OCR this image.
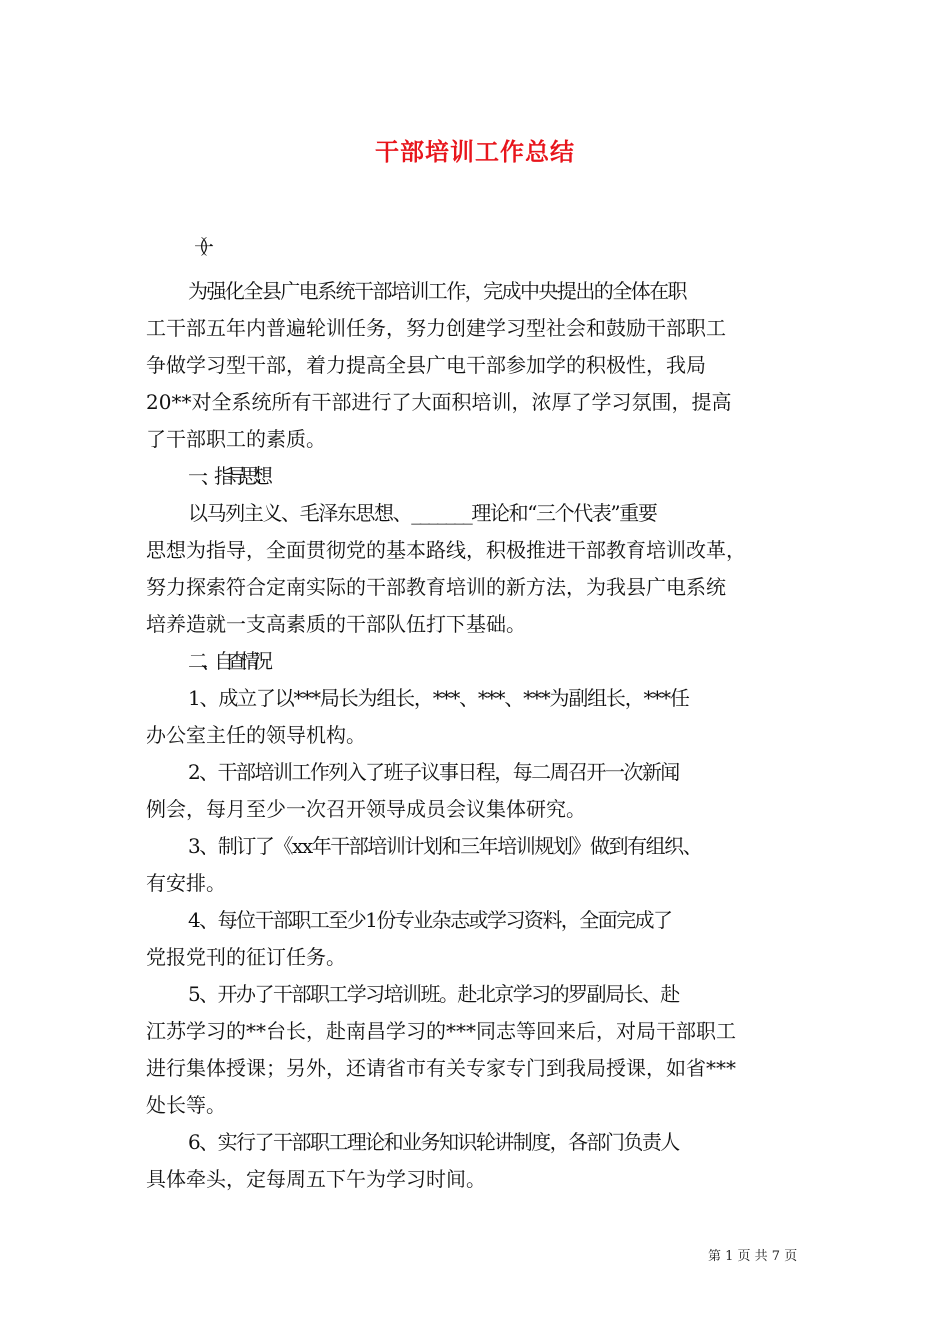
干部培训工作总结
（一）
为强化全县广电系统干部培训工作，完成中央提出的全体在职
工干部五年内普遍轮训任务，努力创建学习型社会和鼓励干部职工
争做学习型干部，着力提高全县广电干部参加学的积极性，我局
20**对全系统所有干部进行了大面积培训，浓厚了学习氛围，提高
了干部职工的素质。
一、指导思想
以马列主义、毛泽东思想、_______理论和“三个代表”重要
思想为指导，全面贯彻党的基本路线，积极推进干部教育培训改革，
努力探索符合定南实际的干部教育培训的新方法，为我县广电系统
培养造就一支高素质的干部队伍打下基础。
二、自查情况
1、成立了以***局长为组长，***、***、***为副组长，***任
办公室主任的领导机构。
2、干部培训工作列入了班子议事日程，每二周召开一次新闻
例会，每月至少一次召开领导成员会议集体研究。
3、制订了《xx年干部培训计划和三年培训规划》做到有组织、
有安排。
4、每位干部职工至少1份专业杂志或学习资料，全面完成了
党报党刊的征订任务。
5、开办了干部职工学习培训班。赴北京学习的罗副局长、赴
江苏学习的**台长，赴南昌学习的***同志等回来后，对局干部职工
进行集体授课；另外，还请省市有关专家专门到我局授课，如省***
处长等。
6、实行了干部职工理论和业务知识轮讲制度，各部门负责人
具体牵头，定每周五下午为学习时间。
第 1 页 共 7 页
